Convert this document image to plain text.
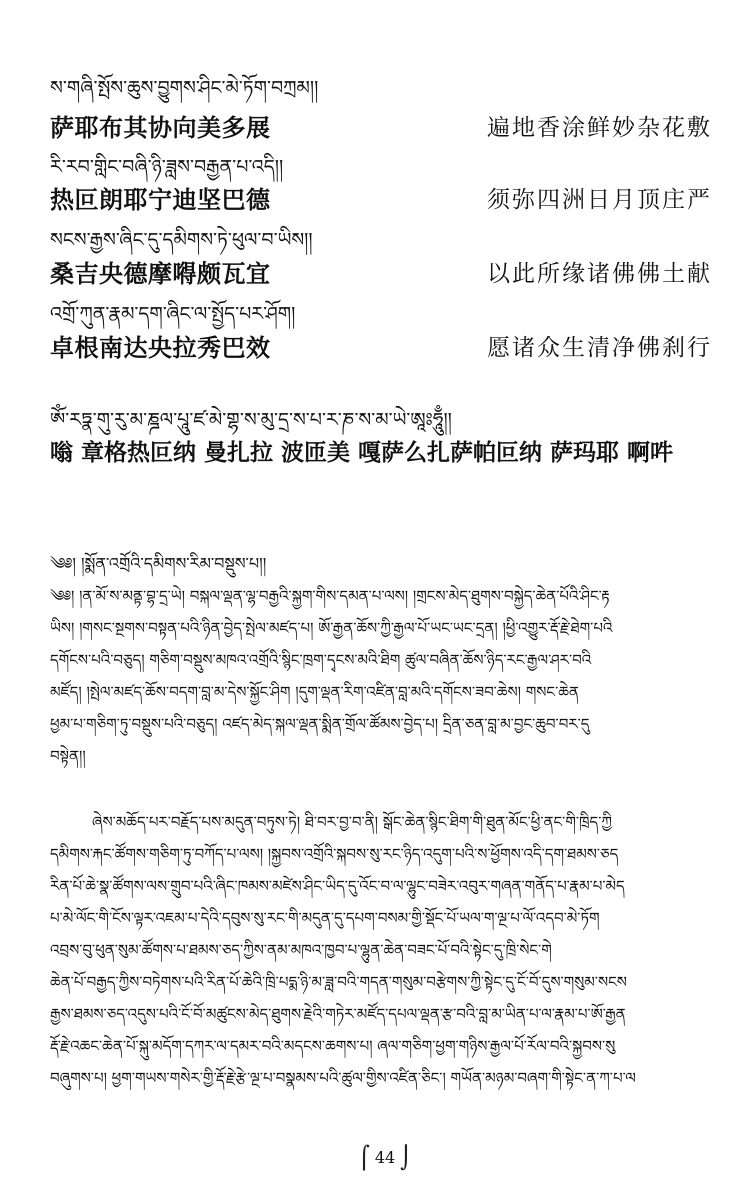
ས་གཞི་སྤོས་ཆུས་བྱུགས་ཤིང་མེ་ཏོག་བཀྲམ།།
萨耶布其协向美多展	遍地香涂鲜妙杂花敷
རི་རབ་གླིང་བཞི་ཉི་ཟླས་བརྒྱན་པ་འདི།།
热叵朗耶宁迪坚巴德	须弥四洲日月顶庄严
སངས་རྒྱས་ཞིང་དུ་དམིགས་ཏེ་ཕུལ་བ་ཡིས།།
桑吉央德摩嘚颇瓦宜	以此所缘诸佛佛土献
འགྲོ་ཀུན་རྣམ་དག་ཞིང་ལ་སྤྱོད་པར་ཤོག།
卓根南达央拉秀巴效	愿诸众生清净佛刹行
ཨོཾ་རཏྣ་གུ་རུ་མ་ཎྜལ་པཱུ་ཛ་མེ་གྷ་ས་མུ་དྲ་ས་པ་ར་ཎ་ས་མ་ཡེ་ཨཱཿཧཱུྃ།།
嗡 章格热叵纳 曼扎拉 波匝美 嘎萨么扎萨帕叵纳 萨玛耶 啊吽
༄༅། །སྨོན་འགྲོའི་དམིགས་རིམ་བསྡུས་པ།།
༄༅། །ན་མོ་ས་མནྟ་བྷ་དྲ་ཡེ། བསྐལ་ལྡན་ལྷ་བརྒྱའི་སྐྱག་གིས་དམན་པ་ལས། །གྲངས་མེད་ཐུགས་བསྐྱེད་ཆེན་པོའི་ཤིང་རྟ
ཡིས། །གསང་སྔགས་བསྟན་པའི་ཉིན་བྱེད་སྤེལ་མཛད་པ། ཨོ་རྒྱན་ཆོས་ཀྱི་རྒྱལ་པོ་ཡང་ཡང་དྲན། །ཕྱི་འགྱུར་རྡོ་རྗེ་ཐེག་པའི
དགོངས་པའི་བཅུད། གཅིག་བསྡུས་མཁའ་འགྲོའི་སྙིང་ཁྲག་དྭངས་མའི་ཐིག ཚུལ་བཞིན་ཆོས་ཉིད་རང་རྒྱལ་ཤར་བའི
མཛོད། །སྤེལ་མཛད་ཆོས་བདག་བླ་མ་དེས་སྐྱོང་ཤིག །དུག་ལྡན་རིག་འཛིན་བླ་མའི་དགོངས་ཟབ་ཆེས། གསང་ཆེན
ཕྱམ་པ་གཅིག་ཏུ་བསྡུས་པའི་བཅུད། འཛད་མེད་སྐལ་ལྡན་སྨིན་གྲོལ་ཚོམས་བྱེད་པ། དྲིན་ཅན་བླ་མ་བྱང་ཆུབ་བར་དུ
བསྟེན།།
ཞེས་མཆོད་པར་བརྗོད་པས་མདུན་བཏུས་ཏེ། ཐི་བར་བྱ་བ་ནི། སྒོང་ཆེན་སྙིང་ཐིག་གི་ཐུན་མོང་ཕྱི་ནང་གི་ཁྲིད་ཀྱི
དམིགས་རྐང་ཚོགས་གཅིག་ཏུ་བཀོད་པ་ལས། །སྐྱབས་འགྲོའི་སྐབས་སུ་རང་ཉིད་འདུག་པའི་ས་ཕྱོགས་འདི་དག་ཐམས་ཅད
རིན་པོ་ཆེ་སྣ་ཚོགས་ལས་གྲུབ་པའི་ཞིང་ཁམས་མཛེས་ཤིང་ཡིད་དུ་འོང་བ་ལ་ལྷུང་བཟེར་འབུར་གཞན་གནོད་པ་རྣམ་པ་མེད
པ་མེ་ལོང་གི་ངོས་ལྟར་འཇམ་པ་དེའི་དབུས་སུ་རང་གི་མདུན་དུ་དཔག་བསམ་གྱི་སྡོང་པོ་ཡལ་ག་ལྔ་པ་ལོ་འདབ་མེ་ཏོག
འབྲས་བུ་ཕུན་སུམ་ཚོགས་པ་ཐམས་ཅད་ཀྱིས་ནམ་མཁའ་ཁྱབ་པ་ལྷུན་ཆེན་བཟང་པོ་བའི་སྟེང་དུ་ཁྲི་སེང་གེ
ཆེན་པོ་བརྒྱད་ཀྱིས་བཏེགས་པའི་རིན་པོ་ཆེའི་ཁྲི་པདྨ་ཉི་མ་ཟླ་བའི་གདན་གསུམ་བརྩེགས་ཀྱི་སྟེང་དུ་ངོ་བོ་དུས་གསུམ་སངས
རྒྱས་ཐམས་ཅད་འདུས་པའི་ངོ་བོ་མཚུངས་མེད་ཐུགས་རྗེའི་གཏེར་མཛོད་དཔལ་ལྡན་རྩ་བའི་བླ་མ་ཡིན་པ་ལ་རྣམ་པ་ཨོ་རྒྱན
རྡོ་རྗེ་འཆང་ཆེན་པོ་སྐུ་མདོག་དཀར་ལ་དམར་བའི་མདངས་ཆགས་པ། ཞལ་གཅིག་ཕྱག་གཉིས་རྒྱལ་པོ་རོལ་བའི་སྐྱབས་སུ
བཞུགས་པ། ཕྱག་གཡས་གསེར་གྱི་རྡོ་རྗེ་རྩེ་ལྔ་པ་བསྣམས་པའི་ཚུལ་གྱིས་འཛིན་ཅིང་། གཡོན་མཉམ་བཞག་གི་སྟེང་ན་ཀ་པ་ལ
⌠ 44 ⌡
